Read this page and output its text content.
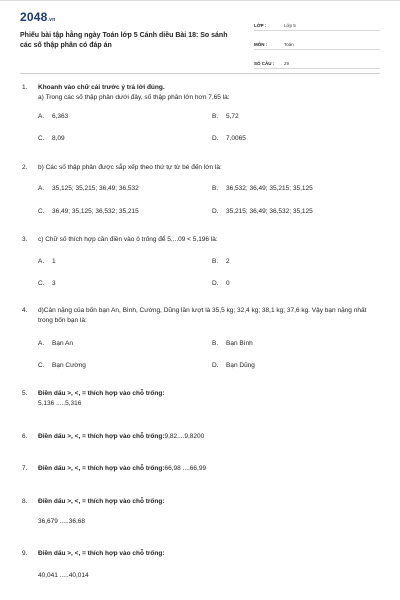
2048.vn
Phiếu bài tập hằng ngày Toán lớp 5 Cánh diều Bài 18: So sánh các số thập phân có đáp án
LỚP :	Lớp 5
MÔN :	Toán
SỐ CÂU : 29
1. Khoanh vào chữ cái trước ý trả lời đúng.
a) Trong các số thập phân dưới đây, số thập phân lớn hơn 7,65 là:
A. 6,363	B. 5,72
C. 8,09	D. 7,0065
2. b) Các số thập phân được sắp xếp theo thứ tự từ bé đến lớn là:
A. 35,125; 35,215; 36,49; 36,532	B. 36,532; 36,49; 35,215; 35,125
C. 36,49; 35,125; 36,532; 35,215	D. 35,215; 36,49; 36,532; 35,125
3. c) Chữ số thích hợp cần điền vào ô trống để 5,...09 < 5,196 là:
A. 1	B. 2
C. 3	D. 0
4. d)Cân nặng của bốn bạn An, Bình, Cường, Dũng lần lượt là 35,5 kg; 32,4 kg; 38,1 kg; 37,6 kg. Vậy bạn nặng nhất trong bốn bạn là:
A. Bạn An	B. Bạn Bình
C. Bạn Cường	D. Bạn Dũng
5. Điền dấu >, <, = thích hợp vào chỗ trống:
5,136 .....5,316
6. Điền dấu >, <, = thích hợp vào chỗ trống:9,82....9,8200
7. Điền dấu >, <, = thích hợp vào chỗ trống:66,98 ....66,99
8. Điền dấu >, <, = thích hợp vào chỗ trống:
36,679 .....36,68
9. Điền dấu >, <, = thích hợp vào chỗ trống:
40,041 .....40,014
